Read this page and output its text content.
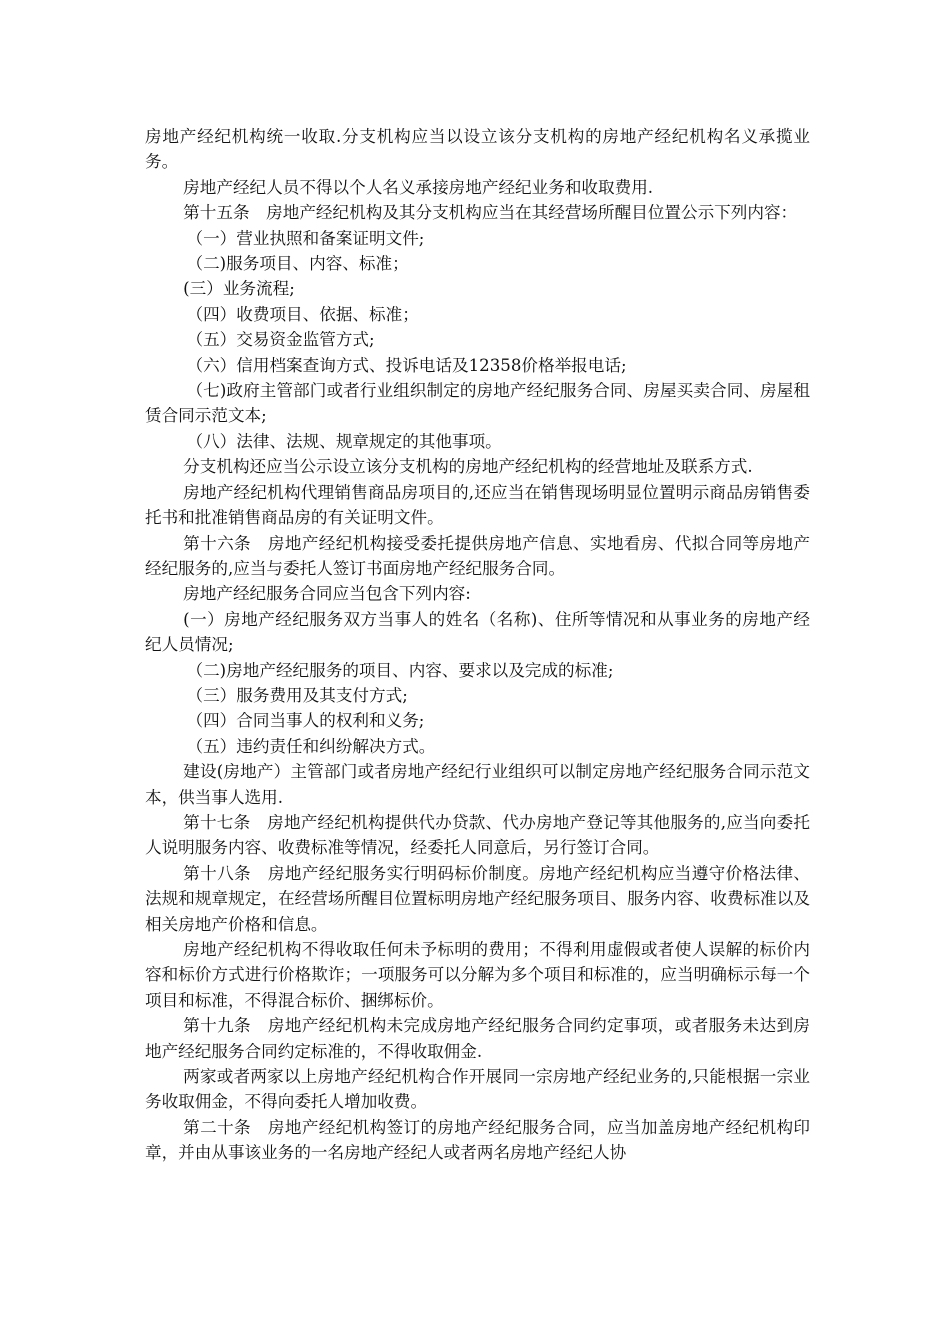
房地产经纪机构统一收取.分支机构应当以设立该分支机构的房地产经纪机构名义承揽业务。

房地产经纪人员不得以个人名义承接房地产经纪业务和收取费用.

第十五条　房地产经纪机构及其分支机构应当在其经营场所醒目位置公示下列内容：

（一）营业执照和备案证明文件;

（二)服务项目、内容、标准；

(三）业务流程;

（四）收费项目、依据、标准；

（五）交易资金监管方式;

（六）信用档案查询方式、投诉电话及12358价格举报电话;

（七)政府主管部门或者行业组织制定的房地产经纪服务合同、房屋买卖合同、房屋租赁合同示范文本;

（八）法律、法规、规章规定的其他事项。

分支机构还应当公示设立该分支机构的房地产经纪机构的经营地址及联系方式.

房地产经纪机构代理销售商品房项目的,还应当在销售现场明显位置明示商品房销售委托书和批准销售商品房的有关证明文件。

第十六条　房地产经纪机构接受委托提供房地产信息、实地看房、代拟合同等房地产经纪服务的,应当与委托人签订书面房地产经纪服务合同。

房地产经纪服务合同应当包含下列内容:

(一）房地产经纪服务双方当事人的姓名（名称)、住所等情况和从事业务的房地产经纪人员情况;

（二)房地产经纪服务的项目、内容、要求以及完成的标准;

（三）服务费用及其支付方式;

（四）合同当事人的权利和义务;

（五）违约责任和纠纷解决方式。

建设(房地产）主管部门或者房地产经纪行业组织可以制定房地产经纪服务合同示范文本，供当事人选用.

第十七条　房地产经纪机构提供代办贷款、代办房地产登记等其他服务的,应当向委托人说明服务内容、收费标准等情况，经委托人同意后，另行签订合同。

第十八条　房地产经纪服务实行明码标价制度。房地产经纪机构应当遵守价格法律、法规和规章规定，在经营场所醒目位置标明房地产经纪服务项目、服务内容、收费标准以及相关房地产价格和信息。

房地产经纪机构不得收取任何未予标明的费用；不得利用虚假或者使人误解的标价内容和标价方式进行价格欺诈；一项服务可以分解为多个项目和标准的，应当明确标示每一个项目和标准，不得混合标价、捆绑标价。

第十九条　房地产经纪机构未完成房地产经纪服务合同约定事项，或者服务未达到房地产经纪服务合同约定标准的，不得收取佣金.

两家或者两家以上房地产经纪机构合作开展同一宗房地产经纪业务的,只能根据一宗业务收取佣金，不得向委托人增加收费。

第二十条　房地产经纪机构签订的房地产经纪服务合同，应当加盖房地产经纪机构印章，并由从事该业务的一名房地产经纪人或者两名房地产经纪人协
